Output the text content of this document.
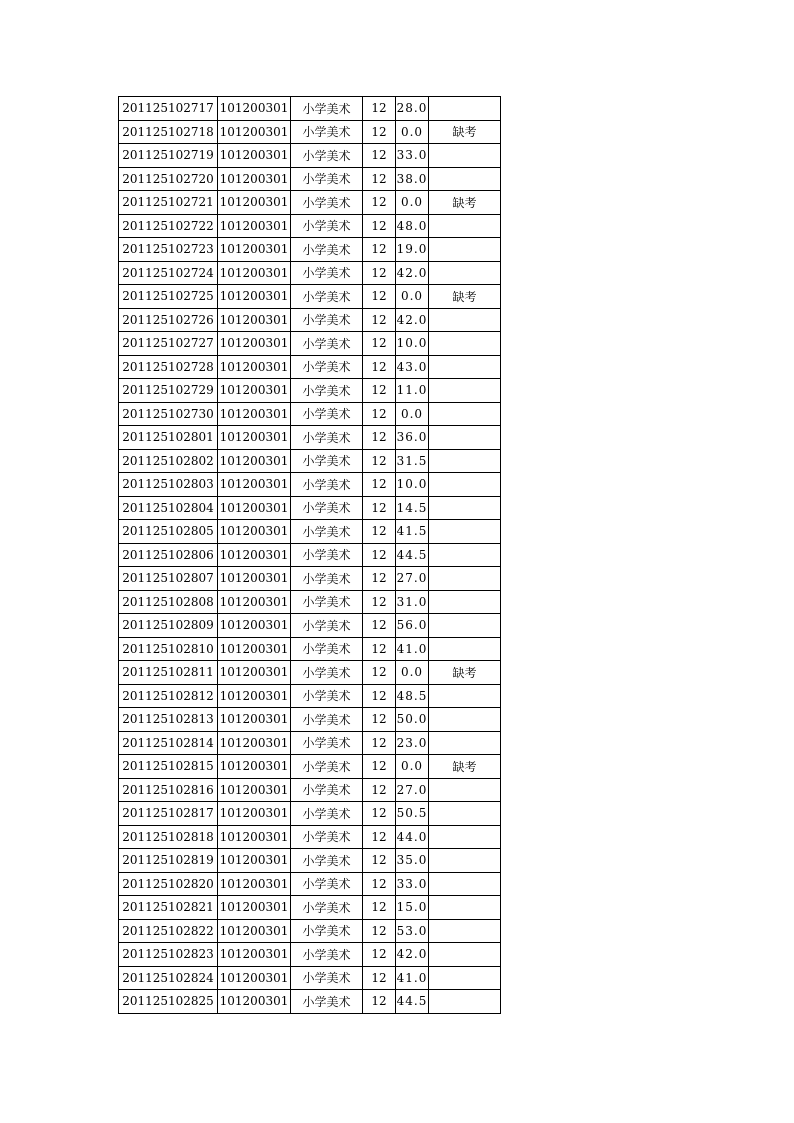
201125102717	101200301	小学美术	12	28.0	
201125102718	101200301	小学美术	12	0.0	缺考
201125102719	101200301	小学美术	12	33.0	
201125102720	101200301	小学美术	12	38.0	
201125102721	101200301	小学美术	12	0.0	缺考
201125102722	101200301	小学美术	12	48.0	
201125102723	101200301	小学美术	12	19.0	
201125102724	101200301	小学美术	12	42.0	
201125102725	101200301	小学美术	12	0.0	缺考
201125102726	101200301	小学美术	12	42.0	
201125102727	101200301	小学美术	12	10.0	
201125102728	101200301	小学美术	12	43.0	
201125102729	101200301	小学美术	12	11.0	
201125102730	101200301	小学美术	12	0.0	
201125102801	101200301	小学美术	12	36.0	
201125102802	101200301	小学美术	12	31.5	
201125102803	101200301	小学美术	12	10.0	
201125102804	101200301	小学美术	12	14.5	
201125102805	101200301	小学美术	12	41.5	
201125102806	101200301	小学美术	12	44.5	
201125102807	101200301	小学美术	12	27.0	
201125102808	101200301	小学美术	12	31.0	
201125102809	101200301	小学美术	12	56.0	
201125102810	101200301	小学美术	12	41.0	
201125102811	101200301	小学美术	12	0.0	缺考
201125102812	101200301	小学美术	12	48.5	
201125102813	101200301	小学美术	12	50.0	
201125102814	101200301	小学美术	12	23.0	
201125102815	101200301	小学美术	12	0.0	缺考
201125102816	101200301	小学美术	12	27.0	
201125102817	101200301	小学美术	12	50.5	
201125102818	101200301	小学美术	12	44.0	
201125102819	101200301	小学美术	12	35.0	
201125102820	101200301	小学美术	12	33.0	
201125102821	101200301	小学美术	12	15.0	
201125102822	101200301	小学美术	12	53.0	
201125102823	101200301	小学美术	12	42.0	
201125102824	101200301	小学美术	12	41.0	
201125102825	101200301	小学美术	12	44.5	
